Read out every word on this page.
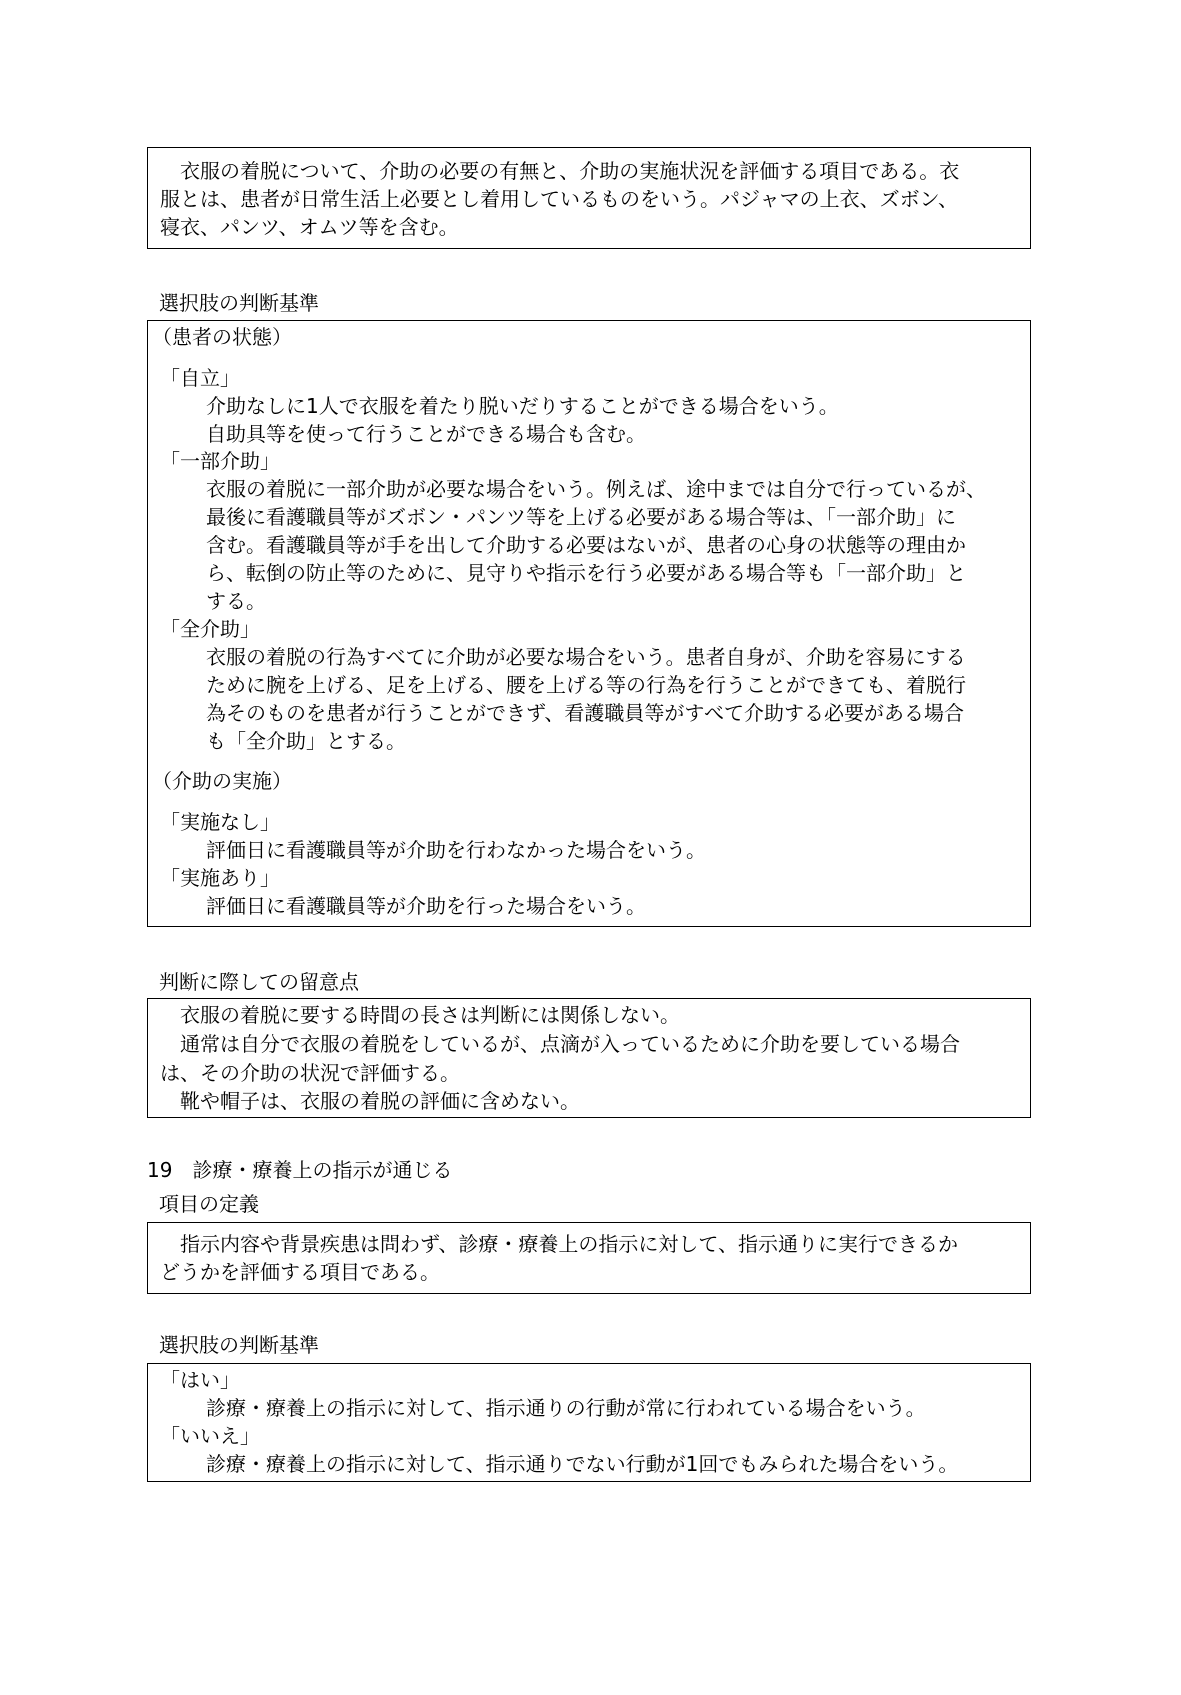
　衣服の着脱について、介助の必要の有無と、介助の実施状況を評価する項目である。衣
服とは、患者が日常生活上必要とし着用しているものをいう。パジャマの上衣、ズボン、
寝衣、パンツ、オムツ等を含む。
選択肢の判断基準
（患者の状態）
「自立」
介助なしに1人で衣服を着たり脱いだりすることができる場合をいう。
自助具等を使って行うことができる場合も含む。
「一部介助」
衣服の着脱に一部介助が必要な場合をいう。例えば、途中までは自分で行っているが、
最後に看護職員等がズボン・パンツ等を上げる必要がある場合等は、「一部介助」に
含む。看護職員等が手を出して介助する必要はないが、患者の心身の状態等の理由か
ら、転倒の防止等のために、見守りや指示を行う必要がある場合等も「一部介助」と
する。
「全介助」
衣服の着脱の行為すべてに介助が必要な場合をいう。患者自身が、介助を容易にする
ために腕を上げる、足を上げる、腰を上げる等の行為を行うことができても、着脱行
為そのものを患者が行うことができず、看護職員等がすべて介助する必要がある場合
も「全介助」とする。
（介助の実施）
「実施なし」
評価日に看護職員等が介助を行わなかった場合をいう。
「実施あり」
評価日に看護職員等が介助を行った場合をいう。
判断に際しての留意点
　衣服の着脱に要する時間の長さは判断には関係しない。
　通常は自分で衣服の着脱をしているが、点滴が入っているために介助を要している場合
は、その介助の状況で評価する。
　靴や帽子は、衣服の着脱の評価に含めない。
19　診療・療養上の指示が通じる
項目の定義
　指示内容や背景疾患は問わず、診療・療養上の指示に対して、指示通りに実行できるか
どうかを評価する項目である。
選択肢の判断基準
「はい」
診療・療養上の指示に対して、指示通りの行動が常に行われている場合をいう。
「いいえ」
診療・療養上の指示に対して、指示通りでない行動が1回でもみられた場合をいう。
